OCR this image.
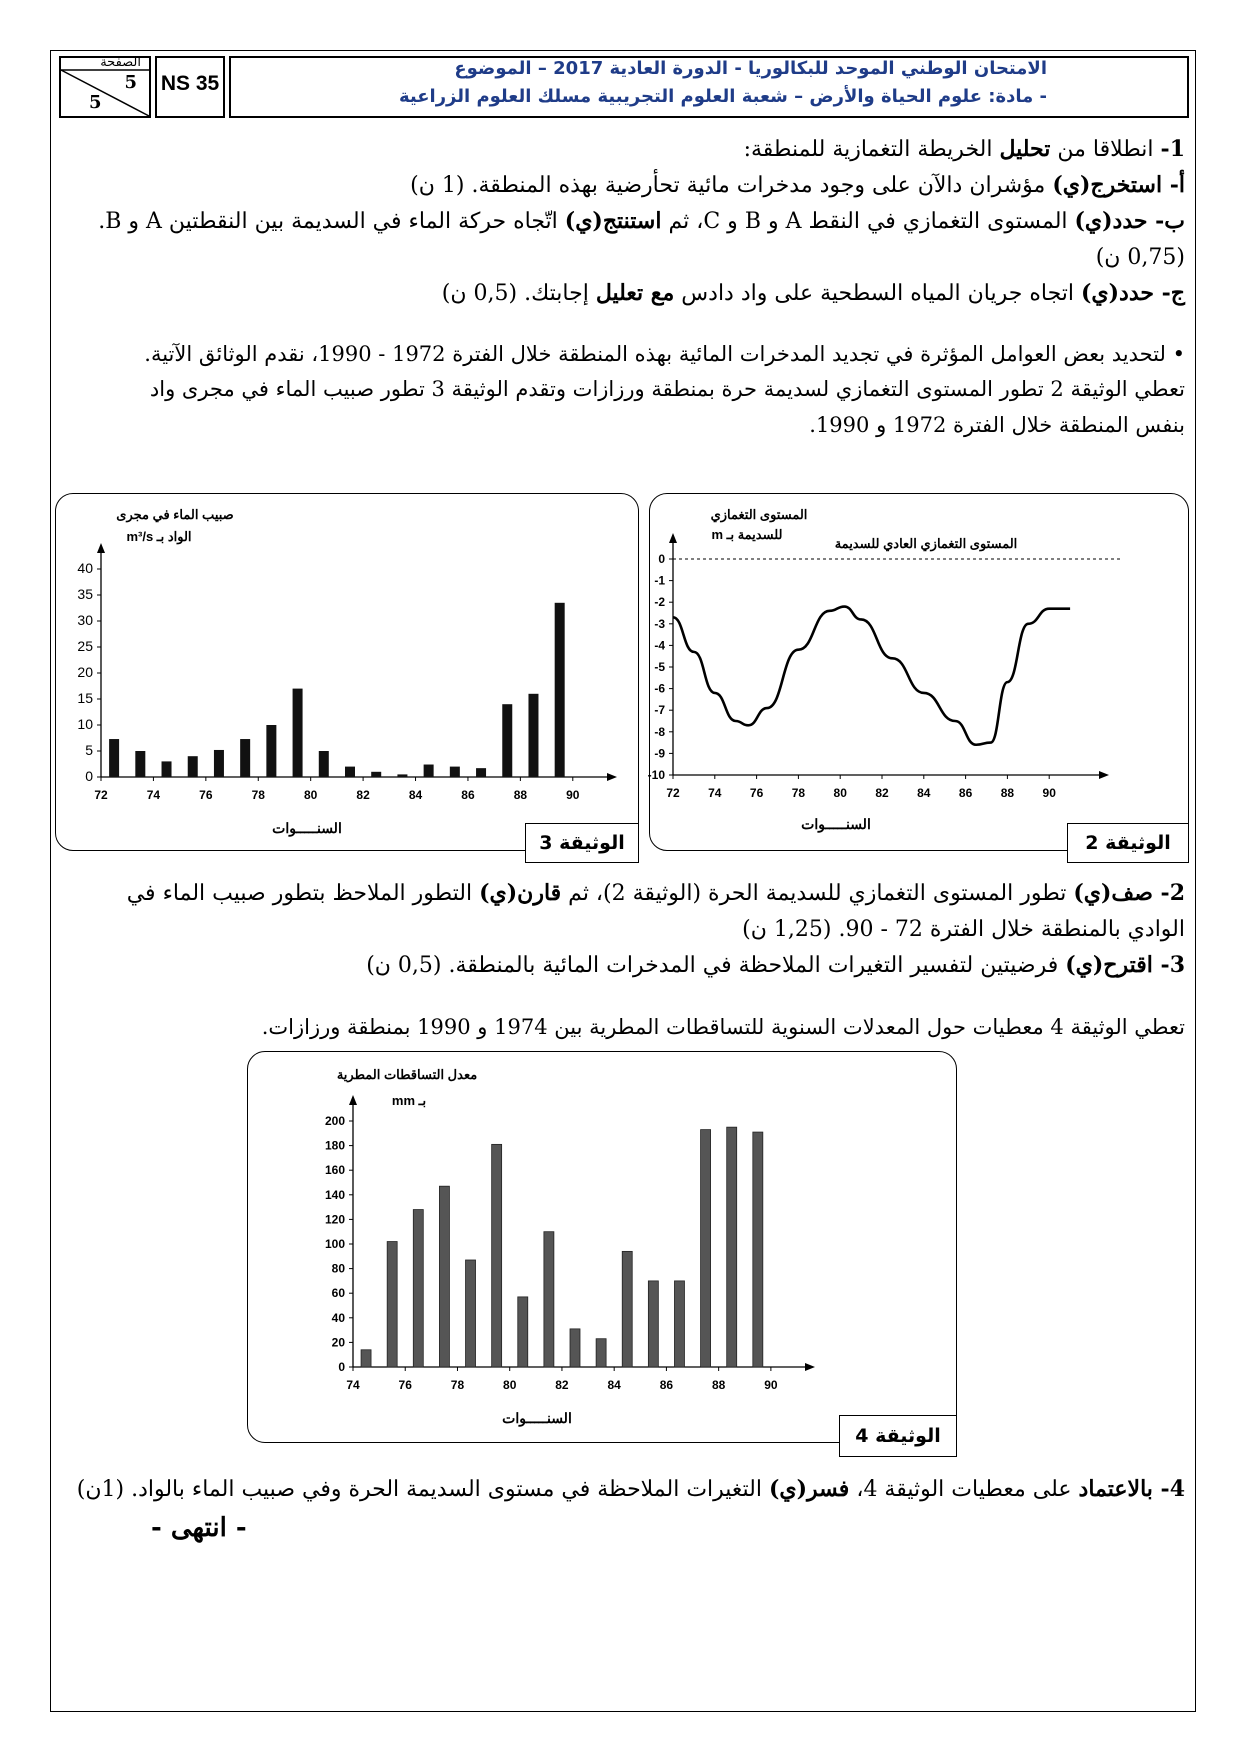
الصفحة
5
5
NS 35
الامتحان الوطني الموحد للبكالوريا - الدورة العادية 2017 – الموضوع
- مادة: علوم الحياة والأرض – شعبة العلوم التجريبية مسلك العلوم الزراعية
1- انطلاقا من تحليل الخريطة التغمازية للمنطقة:
أ- استخرج(ي) مؤشران دالآن على وجود مدخرات مائية تحأرضية بهذه المنطقة. (1 ن)
ب- حدد(ي) المستوى التغمازي في النقط A و B و C، ثم استنتج(ي) اتّجاه حركة الماء في السديمة بين النقطتين A و B.
(0,75 ن)
ج- حدد(ي) اتجاه جريان المياه السطحية على واد دادس مع تعليل إجابتك. (0,5 ن)
• لتحديد بعض العوامل المؤثرة في تجديد المدخرات المائية بهذه المنطقة خلال الفترة 1972 - 1990، نقدم الوثائق الآتية.
تعطي الوثيقة 2 تطور المستوى التغمازي لسديمة حرة بمنطقة ورزازات وتقدم الوثيقة 3 تطور صبيب الماء في مجرى واد
بنفس المنطقة خلال الفترة 1972 و 1990.
0
-1
-2
-3
-4
-5
-6
-7
-8
-9
-10
72 74 76 78 80 82 84 86 88 90
المستوى التغمازي
للسديمة بـ m
المستوى التغمازي العادي للسديمة
السنـــــوات
الوثيقة 2
0
5
10
15
20
25
30
35
40
72	74	76	78	80	82	84	86	88	90
صبيب الماء في مجرى
الواد بـ m³/s
السنـــــوات
الوثيقة 3
2- صف(ي) تطور المستوى التغمازي للسديمة الحرة (الوثيقة 2)، ثم قارن(ي) التطور الملاحظ بتطور صبيب الماء في
الوادي بالمنطقة خلال الفترة 72 - 90. (1,25 ن)
3- اقترح(ي) فرضيتين لتفسير التغيرات الملاحظة في المدخرات المائية بالمنطقة. (0,5 ن)
تعطي الوثيقة 4 معطيات حول المعدلات السنوية للتساقطات المطرية بين 1974 و 1990 بمنطقة ورزازات.
0
20
40
60
80
100
120
140
160
180
200
74	76	78	80	82	84	86	88	90
معدل التساقطات المطرية
بـ mm
السنـــــوات
الوثيقة 4
4- بالاعتماد على معطيات الوثيقة 4، فسر(ي) التغيرات الملاحظة في مستوى السديمة الحرة وفي صبيب الماء بالواد. (1ن)
- انتهى -
